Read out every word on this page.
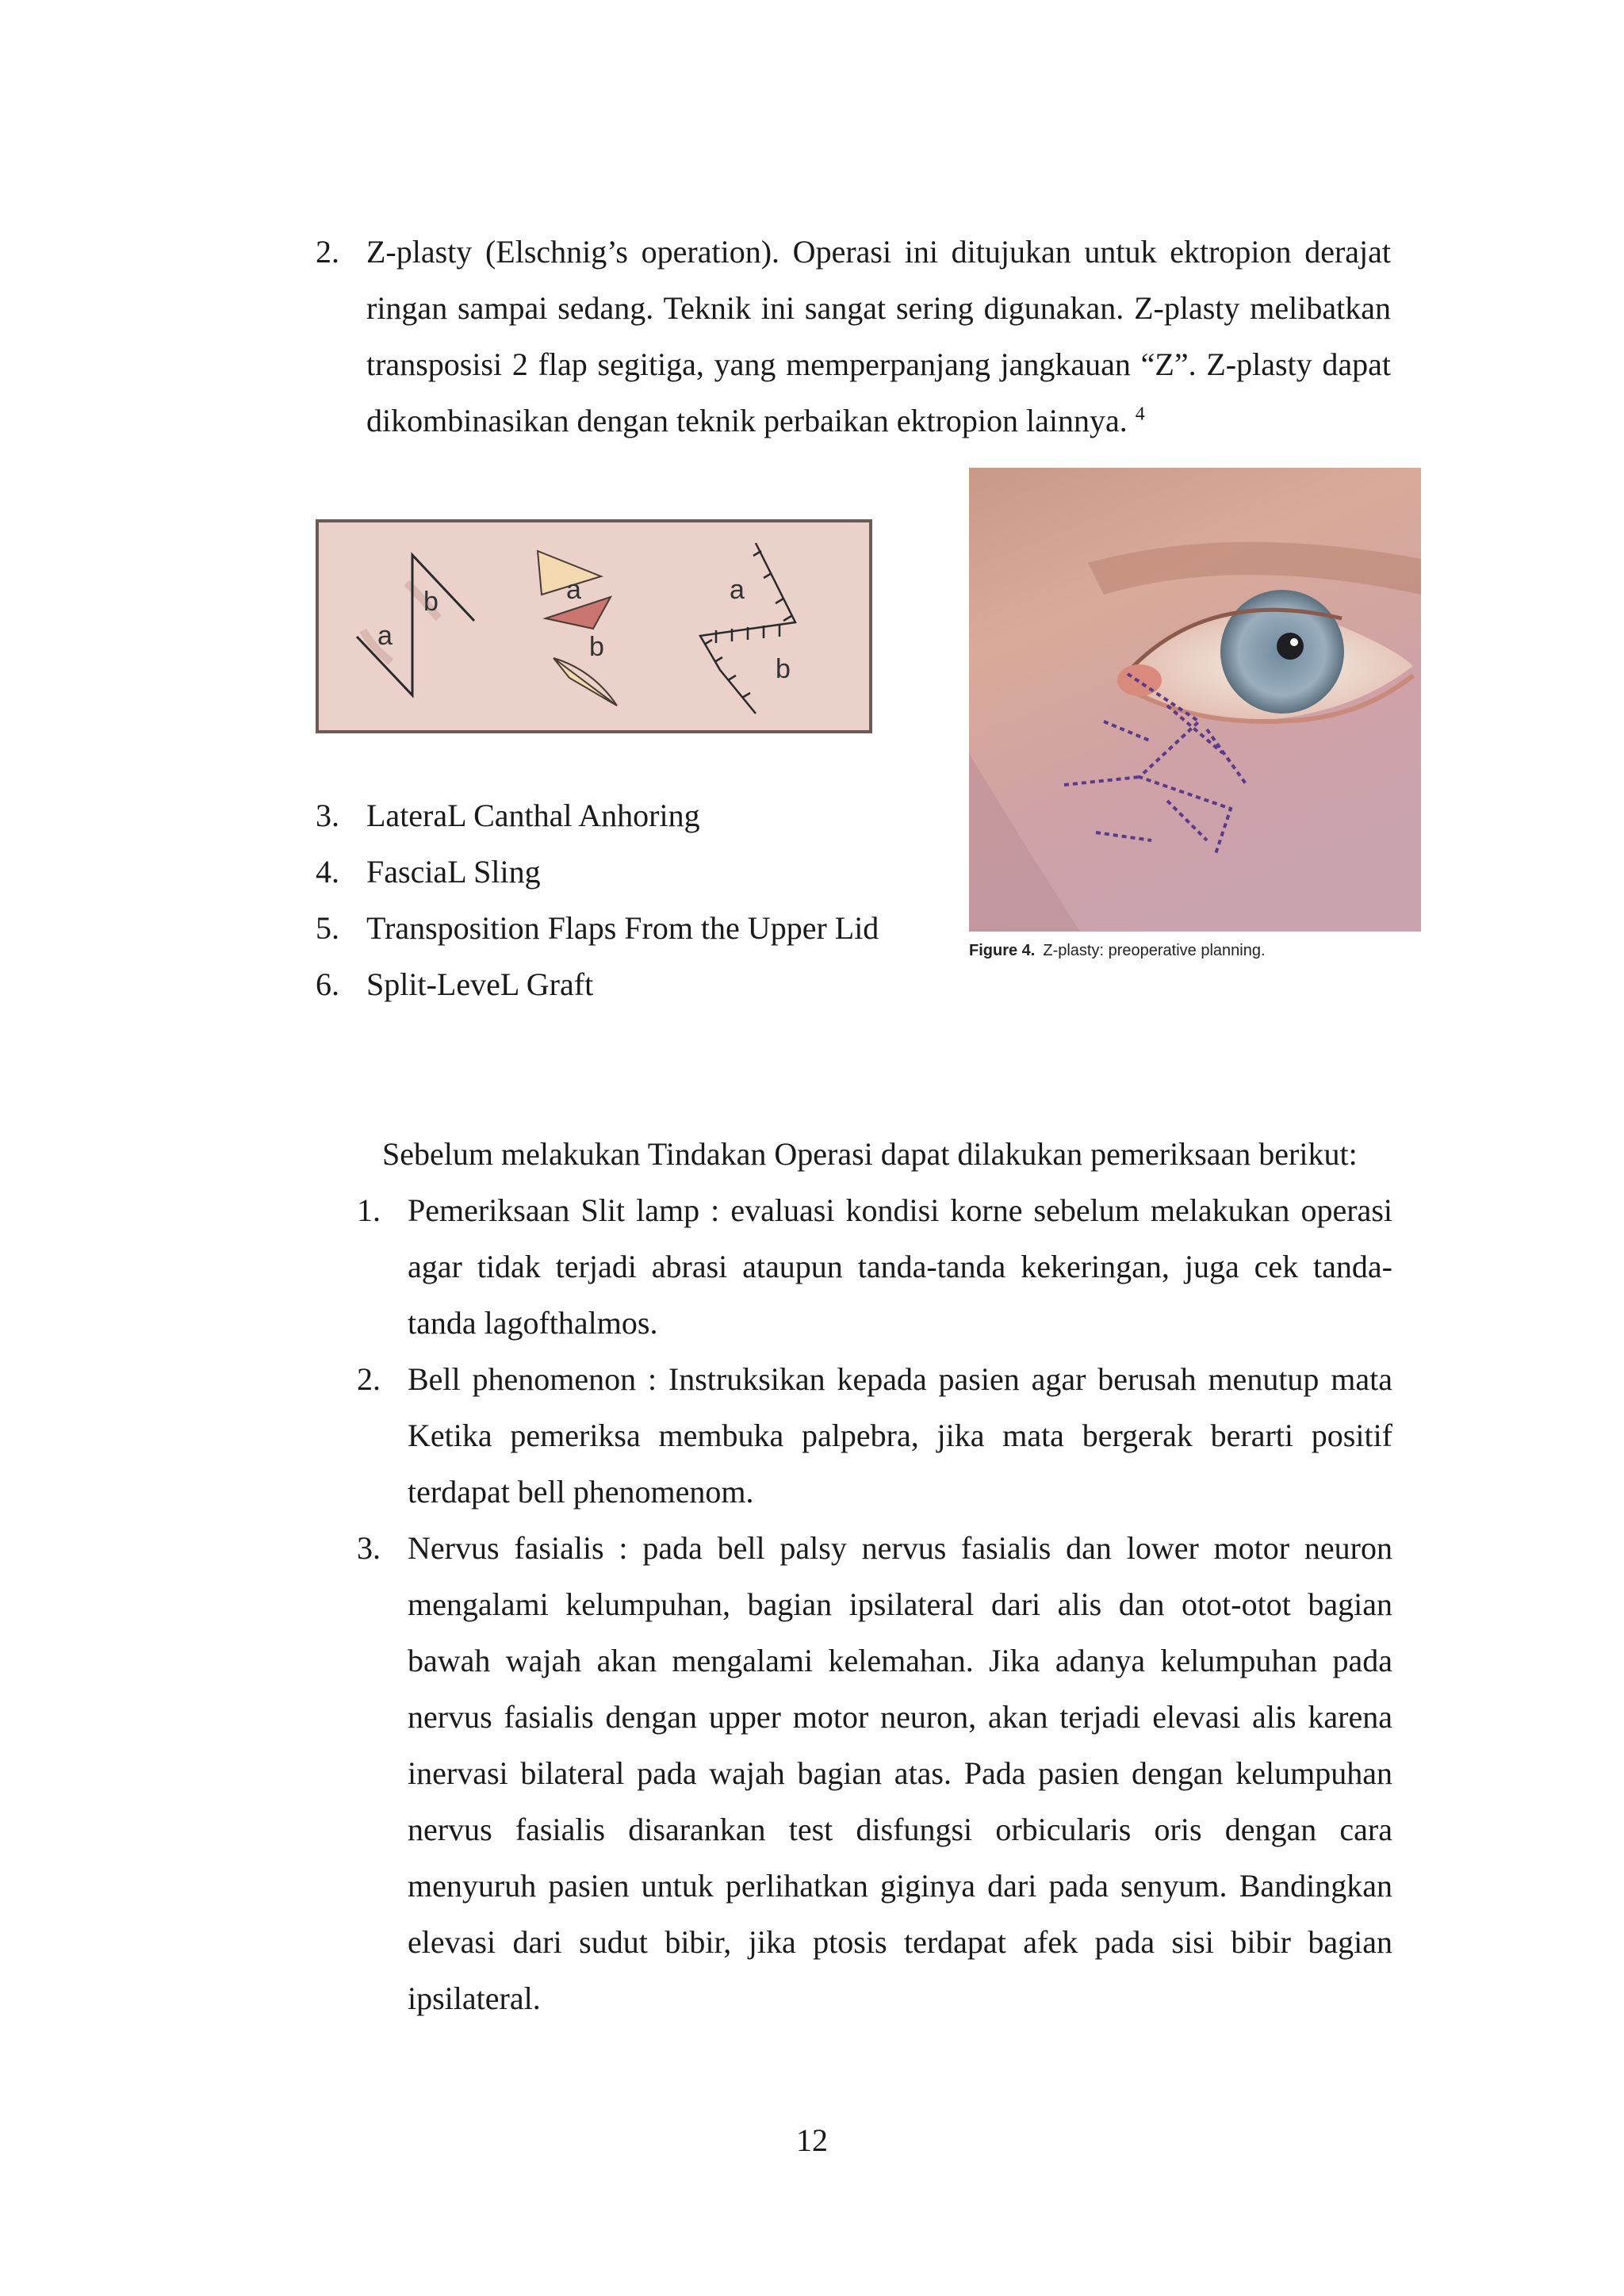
2. Z-plasty (Elschnig’s operation). Operasi ini ditujukan untuk ektropion derajat
ringan sampai sedang. Teknik ini sangat sering digunakan. Z-plasty melibatkan
transposisi 2 flap segitiga, yang memperpanjang jangkauan “Z”. Z-plasty dapat
dikombinasikan dengan teknik perbaikan ektropion lainnya. $^4$
a
b	a
b
a
b
Figure 4. Z-plasty: preoperative planning.
3. LateraL Canthal Anhoring
4. FasciaL Sling
5. Transposition Flaps From the Upper Lid
6. Split-LeveL Graft
Sebelum melakukan Tindakan Operasi dapat dilakukan pemeriksaan berikut:
1. Pemeriksaan Slit lamp : evaluasi kondisi korne sebelum melakukan operasi
agar tidak terjadi abrasi ataupun tanda-tanda kekeringan, juga cek tanda-
tanda lagofthalmos.
2. Bell phenomenon : Instruksikan kepada pasien agar berusah menutup mata
Ketika pemeriksa membuka palpebra, jika mata bergerak berarti positif
terdapat bell phenomenom.
3. Nervus fasialis : pada bell palsy nervus fasialis dan lower motor neuron
mengalami kelumpuhan, bagian ipsilateral dari alis dan otot-otot bagian
bawah wajah akan mengalami kelemahan. Jika adanya kelumpuhan pada
nervus fasialis dengan upper motor neuron, akan terjadi elevasi alis karena
inervasi bilateral pada wajah bagian atas. Pada pasien dengan kelumpuhan
nervus fasialis disarankan test disfungsi orbicularis oris dengan cara
menyuruh pasien untuk perlihatkan giginya dari pada senyum. Bandingkan
elevasi dari sudut bibir, jika ptosis terdapat afek pada sisi bibir bagian
ipsilateral.
12
